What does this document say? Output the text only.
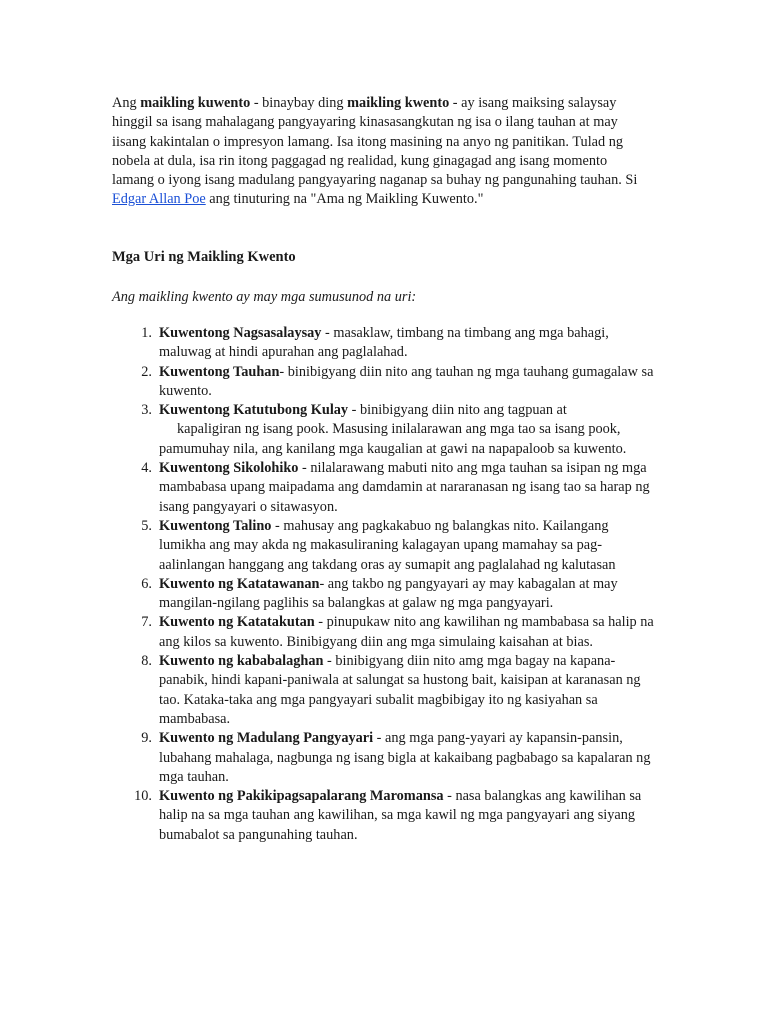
Ang maikling kuwento - binaybay ding maikling kwento - ay isang maiksing salaysay hinggil sa isang mahalagang pangyayaring kinasasangkutan ng isa o ilang tauhan at may iisang kakintalan o impresyon lamang. Isa itong masining na anyo ng panitikan. Tulad ng nobela at dula, isa rin itong paggagad ng realidad, kung ginagagad ang isang momento lamang o iyong isang madulang pangyayaring naganap sa buhay ng pangunahing tauhan. Si Edgar Allan Poe ang tinuturing na "Ama ng Maikling Kuwento."

Mga Uri ng Maikling Kwento

Ang maikling kwento ay may mga sumusunod na uri:

1. Kuwentong Nagsasalaysay - masaklaw, timbang na timbang ang mga bahagi, maluwag at hindi apurahan ang paglalahad.
2. Kuwentong Tauhan- binibigyang diin nito ang tauhan ng mga tauhang gumagalaw sa kuwento.
3. Kuwentong Katutubong Kulay - binibigyang diin nito ang tagpuan at
kapaligiran ng isang pook. Masusing inilalarawan ang mga tao sa isang pook, pamumuhay nila, ang kanilang mga kaugalian at gawi na napapaloob sa kuwento.
4. Kuwentong Sikolohiko - nilalarawang mabuti nito ang mga tauhan sa isipan ng mga mambabasa upang maipadama ang damdamin at nararanasan ng isang tao sa harap ng isang pangyayari o sitawasyon.
5. Kuwentong Talino - mahusay ang pagkakabuo ng balangkas nito. Kailangang lumikha ang may akda ng makasuliraning kalagayan upang mamahay sa pag-aalinlangan hanggang ang takdang oras ay sumapit ang paglalahad ng kalutasan
6. Kuwento ng Katatawanan- ang takbo ng pangyayari ay may kabagalan at may mangilan-ngilang paglihis sa balangkas at galaw ng mga pangyayari.
7. Kuwento ng Katatakutan - pinupukaw nito ang kawilihan ng mambabasa sa halip na ang kilos sa kuwento. Binibigyang diin ang mga simulaing kaisahan at bias.
8. Kuwento ng kababalaghan - binibigyang diin nito amg mga bagay na kapana-panabik, hindi kapani-paniwala at salungat sa hustong bait, kaisipan at karanasan ng tao. Kataka-taka ang mga pangyayari subalit magbibigay ito ng kasiyahan sa mambabasa.
9. Kuwento ng Madulang Pangyayari - ang mga pang-yayari ay kapansin-pansin, lubahang mahalaga, nagbunga ng isang bigla at kakaibang pagbabago sa kapalaran ng mga tauhan.
10. Kuwento ng Pakikipagsapalarang Maromansa - nasa balangkas ang kawilihan sa halip na sa mga tauhan ang kawilihan, sa mga kawil ng mga pangyayari ang siyang bumabalot sa pangunahing tauhan.
